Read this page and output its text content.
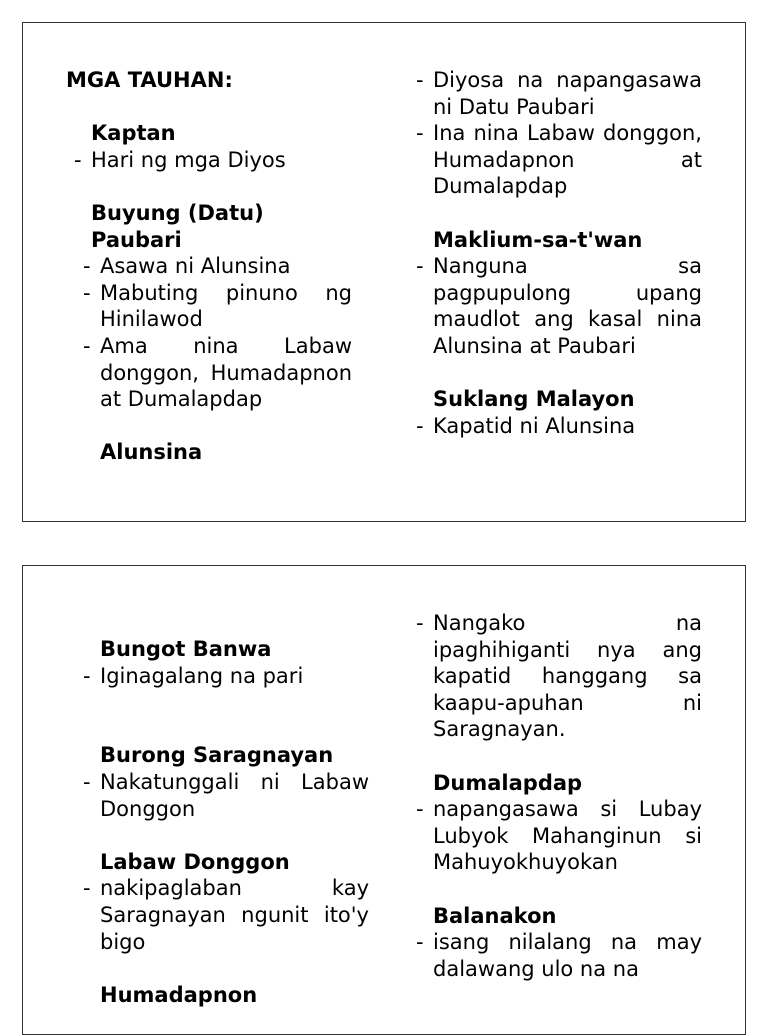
MGA TAUHAN:
Kaptan
- Hari ng mga Diyos
Buyung (Datu) Paubari
- Asawa ni Alunsina
- Mabuting pinuno ng Hinilawod
- Ama nina Labaw donggon, Humadapnon at Dumalapdap
Alunsina
- Diyosa na napangasawa ni Datu Paubari
- Ina nina Labaw donggon, Humadapnon at Dumalapdap
Maklium-sa-t'wan
- Nanguna sa pagpupulong upang maudlot ang kasal nina Alunsina at Paubari
Suklang Malayon
- Kapatid ni Alunsina
Bungot Banwa
- Iginagalang na pari
Burong Saragnayan
- Nakatunggali ni Labaw Donggon
Labaw Donggon
- nakipaglaban kay Saragnayan ngunit ito'y bigo
Humadapnon
- Nangako na ipaghihiganti nya ang kapatid hanggang sa kaapu-apuhan ni Saragnayan.
Dumalapdap
- napangasawa si Lubay Lubyok Mahanginun si Mahuyokhuyokan
Balanakon
- isang nilalang na may dalawang ulo na na
